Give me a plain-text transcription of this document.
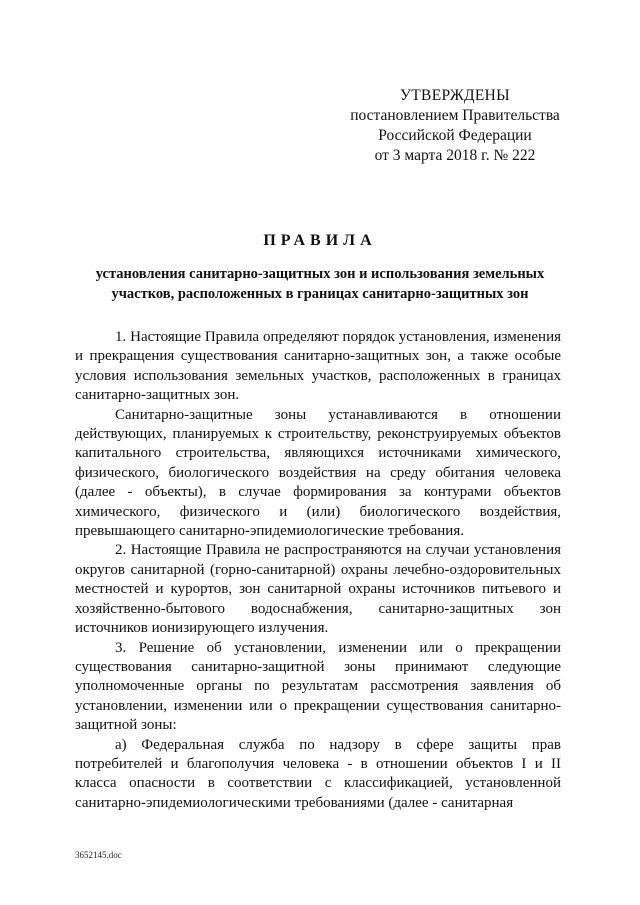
УТВЕРЖДЕНЫ
постановлением Правительства
Российской Федерации
от 3 марта 2018 г. № 222
ПРАВИЛА
установления санитарно-защитных зон и использования земельных участков, расположенных в границах санитарно-защитных зон

1. Настоящие Правила определяют порядок установления, изменения и прекращения существования санитарно-защитных зон, а также особые условия использования земельных участков, расположенных в границах санитарно-защитных зон.

Санитарно-защитные зоны устанавливаются в отношении действующих, планируемых к строительству, реконструируемых объектов капитального строительства, являющихся источниками химического, физического, биологического воздействия на среду обитания человека (далее - объекты), в случае формирования за контурами объектов химического, физического и (или) биологического воздействия, превышающего санитарно-эпидемиологические требования.

2. Настоящие Правила не распространяются на случаи установления округов санитарной (горно-санитарной) охраны лечебно-оздоровительных местностей и курортов, зон санитарной охраны источников питьевого и хозяйственно-бытового водоснабжения, санитарно-защитных зон источников ионизирующего излучения.

3. Решение об установлении, изменении или о прекращении существования санитарно-защитной зоны принимают следующие уполномоченные органы по результатам рассмотрения заявления об установлении, изменении или о прекращении существования санитарно-защитной зоны:

а) Федеральная служба по надзору в сфере защиты прав потребителей и благополучия человека - в отношении объектов I и II класса опасности в соответствии с классификацией, установленной санитарно-эпидемиологическими требованиями (далее - санитарная

3652145.doc
